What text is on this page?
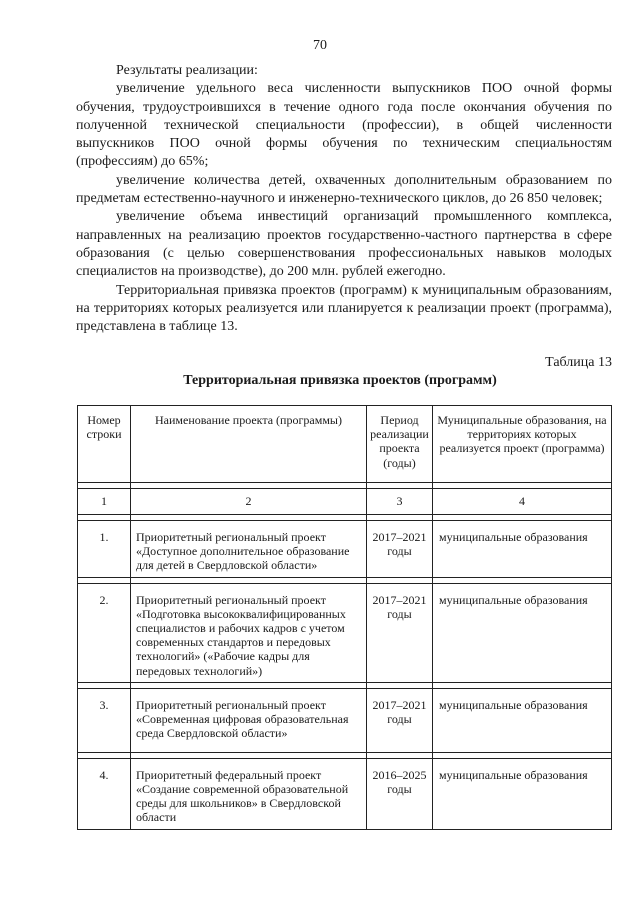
70

Результаты реализации:

увеличение удельного веса численности выпускников ПОО очной формы обучения, трудоустроившихся в течение одного года после окончания обучения по полученной технической специальности (профессии), в общей численности выпускников ПОО очной формы обучения по техническим специальностям (профессиям) до 65%;

увеличение количества детей, охваченных дополнительным образованием по предметам естественно-научного и инженерно-технического циклов, до 26 850 человек;

увеличение объема инвестиций организаций промышленного комплекса, направленных на реализацию проектов государственно-частного партнерства в сфере образования (с целью совершенствования профессиональных навыков молодых специалистов на производстве), до 200 млн. рублей ежегодно.

Территориальная привязка проектов (программ) к муниципальным образованиям, на территориях которых реализуется или планируется к реализации проект (программа), представлена в таблице 13.

Таблица 13
Территориальная привязка проектов (программ)
Номер строки	Наименование проекта (программы)	Период реализации проекта (годы)	Муниципальные образования, на территориях которых реализуется проект (программа)

1	2	3	4

1.	Приоритетный региональный проект «Доступное дополнительное образование для детей в Свердловской области»	2017–2021 годы	муниципальные образования

2.	Приоритетный региональный проект «Подготовка высококвалифицированных специалистов и рабочих кадров с учетом современных стандартов и передовых технологий» («Рабочие кадры для передовых технологий»)	2017–2021 годы	муниципальные образования

3.	Приоритетный региональный проект «Современная цифровая образовательная среда Свердловской области»	2017–2021 годы	муниципальные образования

4.	Приоритетный федеральный проект «Создание современной образовательной среды для школьников» в Свердловской области	2016–2025 годы	муниципальные образования
